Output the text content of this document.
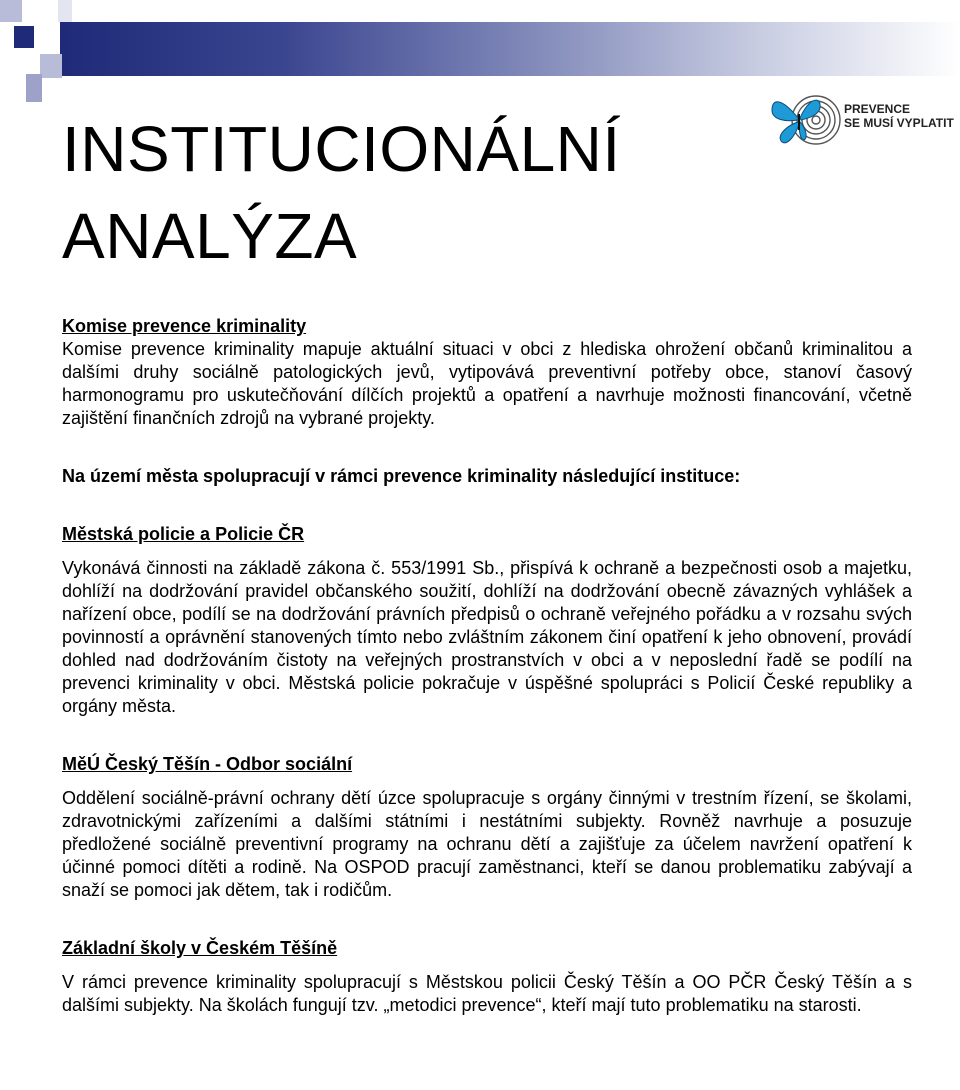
PREVENCE
SE MUSÍ VYPLATIT
INSTITUCIONÁLNÍ
ANALÝZA

Komise prevence kriminality

Komise prevence kriminality mapuje aktuální situaci v obci z hlediska ohrožení občanů kriminalitou a dalšími druhy sociálně patologických jevů, vytipovává preventivní potřeby obce, stanoví časový harmonogramu pro uskutečňování dílčích projektů a opatření a navrhuje možnosti financování, včetně zajištění finančních zdrojů na vybrané projekty.

Na území města spolupracují v rámci prevence kriminality následující instituce:

Městská policie a Policie ČR

Vykonává činnosti na základě zákona č. 553/1991 Sb., přispívá k ochraně a bezpečnosti osob a majetku, dohlíží na dodržování pravidel občanského soužití, dohlíží na dodržování obecně závazných vyhlášek a nařízení obce, podílí se na dodržování právních předpisů o ochraně veřejného pořádku a v rozsahu svých povinností a oprávnění stanovených tímto nebo zvláštním zákonem činí opatření k jeho obnovení, provádí dohled nad dodržováním čistoty na veřejných prostranstvích v obci a v neposlední řadě se podílí na prevenci kriminality v obci. Městská policie pokračuje v úspěšné spolupráci s Policií České republiky a orgány města.

MěÚ Český Těšín - Odbor sociální

Oddělení sociálně-právní ochrany dětí úzce spolupracuje s orgány činnými v trestním řízení, se školami, zdravotnickými zařízeními a dalšími státními i nestátními subjekty. Rovněž navrhuje a posuzuje předložené sociálně preventivní programy na ochranu dětí a zajišťuje za účelem navržení opatření k účinné pomoci dítěti a rodině. Na OSPOD pracují zaměstnanci, kteří se danou problematiku zabývají a snaží se pomoci jak dětem, tak i rodičům.

Základní školy v Českém Těšíně

V rámci prevence kriminality spolupracují s Městskou policii Český Těšín a OO PČR Český Těšín a s dalšími subjekty. Na školách fungují tzv. „metodici prevence“, kteří mají tuto problematiku na starosti.
